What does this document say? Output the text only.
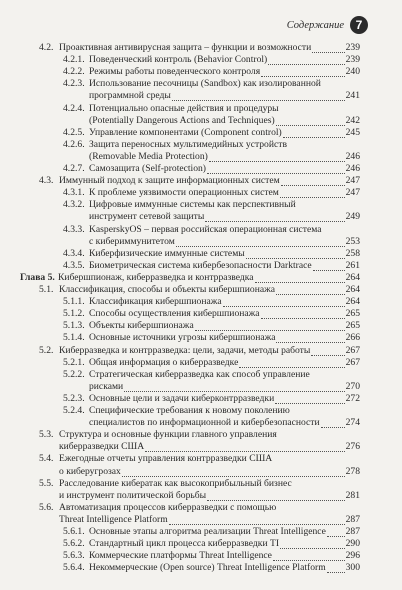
Содержание 7
4.2. Проактивная антивирусная защита – функции и возможности	239
4.2.1. Поведенческий контроль (Behavior Control)	239
4.2.2. Режимы работы поведенческого контроля	240
4.2.3. Использование песочницы (Sandbox) как изолированной
программной среды	241
4.2.4. Потенциально опасные действия и процедуры
(Potentially Dangerous Actions and Techniques)	242
4.2.5. Управление компонентами (Component control)	245
4.2.6. Защита переносных мультимедийных устройств
(Removable Media Protection)	246
4.2.7. Самозащита (Self-protection)	246
4.3. Иммунный подход к защите информационных систем	247
4.3.1. К проблеме уязвимости операционных систем	247
4.3.2. Цифровые иммунные системы как перспективный
инструмент сетевой защиты	249
4.3.3. KasperskyOS – первая российская операционная система
с кибериммунитетом	253
4.3.4. Киберфизические иммунные системы	258
4.3.5. Биометрическая система кибербезопасности Darktrace	261
Глава 5. Кибершпионаж, киберразведка и контрразведка	264
5.1. Классификация, способы и объекты кибершпионажа	264
5.1.1. Классификация кибершпионажа	264
5.1.2. Способы осуществления кибершпионажа	265
5.1.3. Объекты кибершпионажа	265
5.1.4. Основные источники угрозы кибершпионажа	266
5.2. Киберразведка и контрразведка: цели, задачи, методы работы	267
5.2.1. Общая информация о киберразведке	267
5.2.2. Стратегическая киберразведка как способ управление
рисками	270
5.2.3. Основные цели и задачи киберконтрразведки	272
5.2.4. Специфические требования к новому поколению
специалистов по информационной и кибербезопасности	274
5.3. Структура и основные функции главного управления
киберразведки США	276
5.4. Ежегодные отчеты управления контрразведки США
о киберугрозах	278
5.5. Расследование кибератак как высокоприбыльный бизнес
и инструмент политической борьбы	281
5.6. Автоматизация процессов киберразведки с помощью
Threat Intelligence Platform	287
5.6.1. Основные этапы алгоритма реализации Threat Intelligence 287
5.6.2. Стандартный цикл процесса киберразведки TI	290
5.6.3. Коммерческие платформы Threat Intelligence	296
5.6.4. Некоммерческие (Open source) Threat Intelligence Platform 300
